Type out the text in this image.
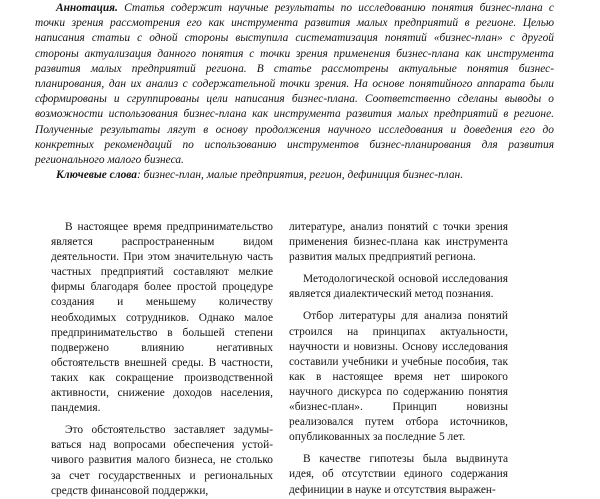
Аннотация. Статья содержит научные результаты по исследованию понятия бизнес-плана с точки зрения рассмотрения его как инструмента развития малых предприятий в регионе. Целью написания статьи с одной стороны выступила систематизация понятий «бизнес-план» с другой стороны актуализация данного понятия с точки зрения применения бизнес-плана как инструмента развития малых предприятий региона. В статье рассмотрены актуальные понятия бизнес-планирования, дан их анализ с содержательной точки зрения. На основе понятийного аппарата были сформированы и сгруппированы цели написания бизнес-плана. Соответственно сделаны выводы о возможности использования бизнес-плана как инструмента развития малых предприятий в регионе. Полученные результаты лягут в основу продолжения научного исследования и доведения его до конкретных рекомендаций по использованию инструментов бизнес-планирования для развития регионального малого бизнеса.
Ключевые слова: бизнес-план, малые предприятия, регион, дефиниция бизнес-план.

В настоящее время предпринимательство является распространенным видом деятельности. При этом значительную часть частных предприятий составляют мелкие фирмы благодаря более простой процедуре создания и меньшему количеству необходимых сотрудников. Однако малое предпринимательство в большей степени подвержено влиянию негативных обстоятельств внешней среды. В частности, таких как сокращение производственной активности, снижение доходов населения, пандемия.

Это обстоятельство заставляет задумываться над вопросами обеспечения устойчивого развития малого бизнеса, не столько за счет государственных и региональных средств финансовой поддержки,

литературе, анализ понятий с точки зрения применения бизнес-плана как инструмента развития малых предприятий региона.

Методологической основой исследования является диалектический метод познания.

Отбор литературы для анализа понятий строился на принципах актуальности, научности и новизны. Основу исследования составили учебники и учебные пособия, так как в настоящее время нет широкого научного дискурса по содержанию понятия «бизнес-план». Принцип новизны реализовался путем отбора источников, опубликованных за последние 5 лет.

В качестве гипотезы была выдвинута идея, об отсутствии единого содержания дефиниции в науке и отсутствия выражен-
